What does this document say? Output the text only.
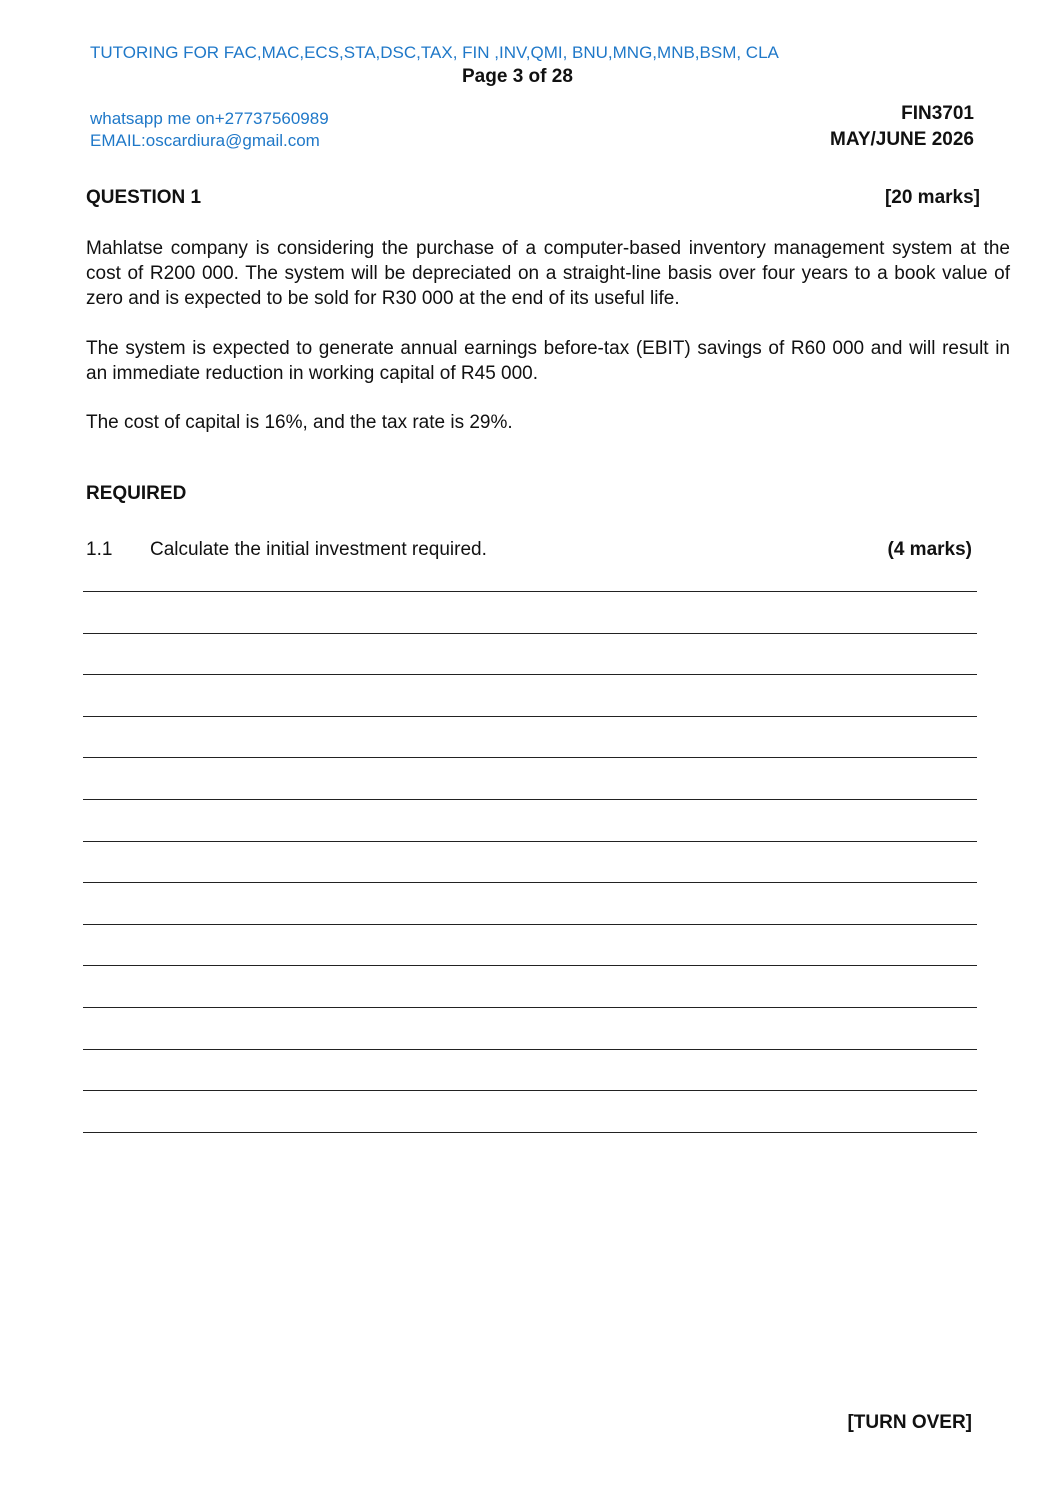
TUTORING FOR FAC,MAC,ECS,STA,DSC,TAX, FIN ,INV,QMI, BNU,MNG,MNB,BSM, CLA
Page 3 of 28
whatsapp me on+27737560989
EMAIL:oscardiura@gmail.com
FIN3701
MAY/JUNE 2026
QUESTION 1	[20 marks]

Mahlatse company is considering the purchase of a computer-based inventory management system at the cost of R200 000. The system will be depreciated on a straight-line basis over four years to a book value of zero and is expected to be sold for R30 000 at the end of its useful life.

The system is expected to generate annual earnings before-tax (EBIT) savings of R60 000 and will result in an immediate reduction in working capital of R45 000.

The cost of capital is 16%, and the tax rate is 29%.

REQUIRED
1.1 Calculate the initial investment required.	(4 marks)
[TURN OVER]
